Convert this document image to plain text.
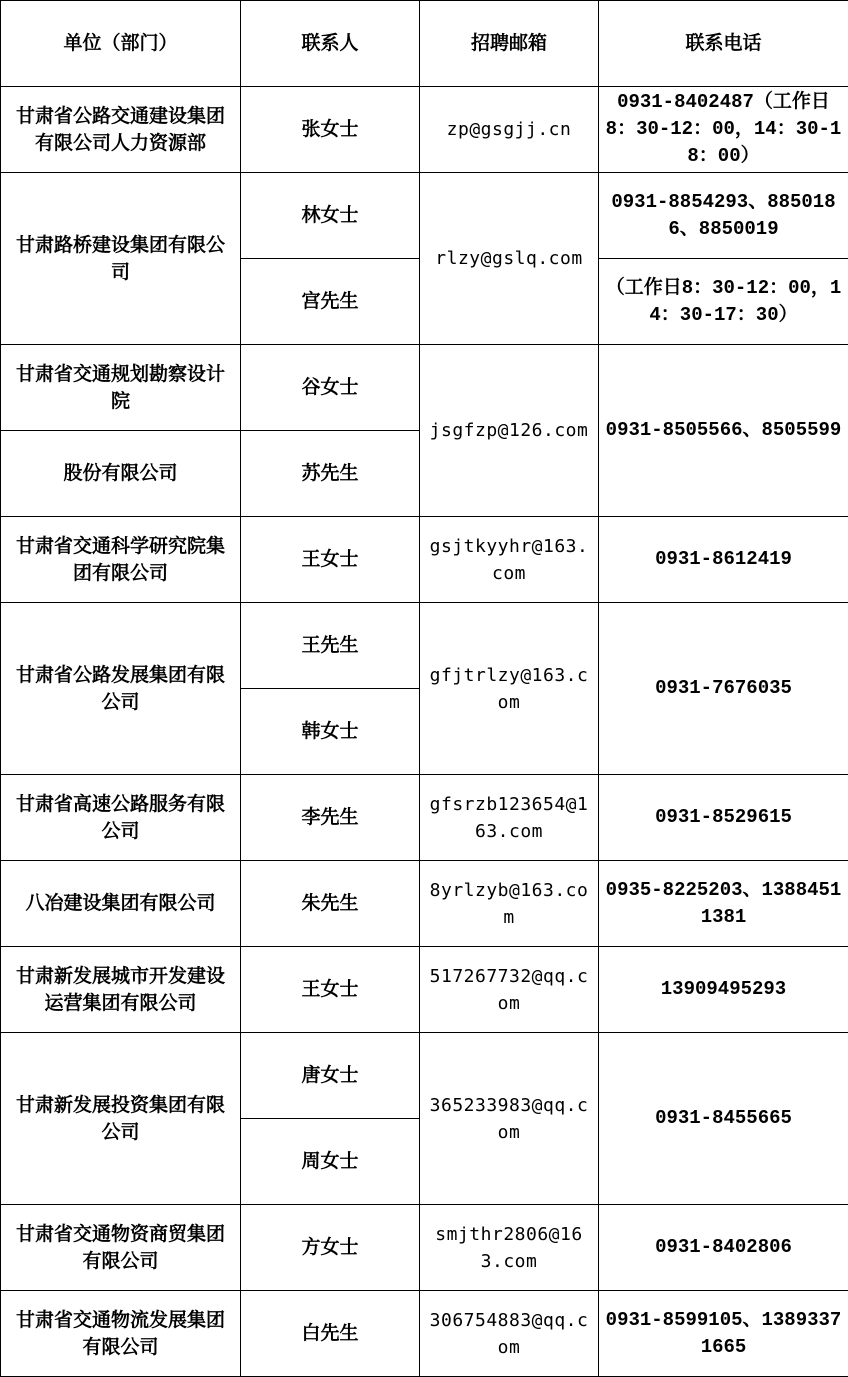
单位（部门）	联系人	招聘邮箱	联系电话
甘肃省公路交通建设集团有限公司人力资源部	张女士	zp@gsgjj.cn	0931-8402487（工作日8：30-12：00，14：30-18：00）
甘肃路桥建设集团有限公司	林女士	rlzy@gslq.com	0931-8854293、8850186、8850019
	宫先生		（工作日8：30-12：00，14：30-17：30）
甘肃省交通规划勘察设计院	谷女士	jsgfzp@126.com	0931-8505566、8505599
股份有限公司	苏先生		
甘肃省交通科学研究院集团有限公司	王女士	gsjtkyyhr@163.com	0931-8612419
甘肃省公路发展集团有限公司	王先生	gfjtrlzy@163.com	0931-7676035
	韩女士		
甘肃省高速公路服务有限公司	李先生	gfsrzb123654@163.com	0931-8529615
八冶建设集团有限公司	朱先生	8yrlzyb@163.com	0935-8225203、13884511381
甘肃新发展城市开发建设运营集团有限公司	王女士	517267732@qq.com	13909495293
甘肃新发展投资集团有限公司	唐女士	365233983@qq.com	0931-8455665
	周女士		
甘肃省交通物资商贸集团有限公司	方女士	smjthr2806@163.com	0931-8402806
甘肃省交通物流发展集团有限公司	白先生	306754883@qq.com	0931-8599105、13893371665
